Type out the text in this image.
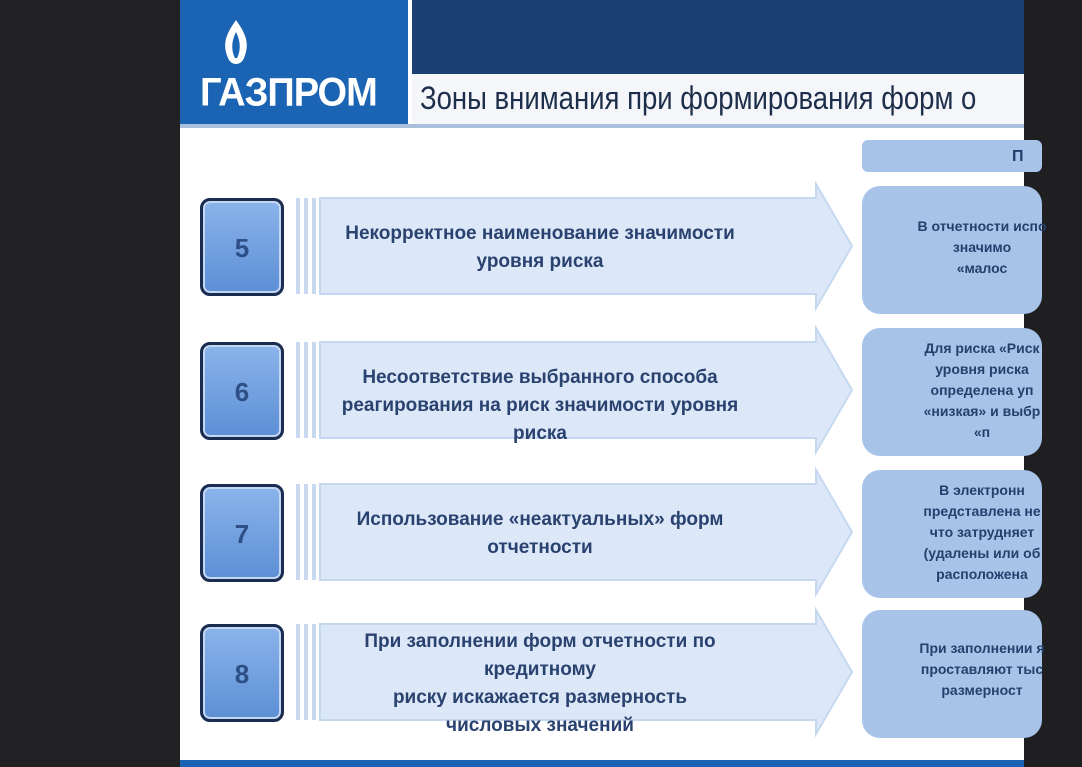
ГАЗПРОМ Зоны внимания при формирования форм о
П
5	Некорректное наименование значимости
уровня риска
В отчетности испо
значимо
«малос
6	Несоответствие выбранного способа
реагирования на риск значимости уровня риска
Для риска «Риск
уровня риска
определена уп
«низкая» и выбр
«п
7	Использование «неактуальных» форм
отчетности
В электронн
представлена не
что затрудняет
(удалены или об
расположена
8
При заполнении форм отчетности по кредитному
риску искажается размерность
числовых значений
При заполнении я
проставляют тыс
размерност
